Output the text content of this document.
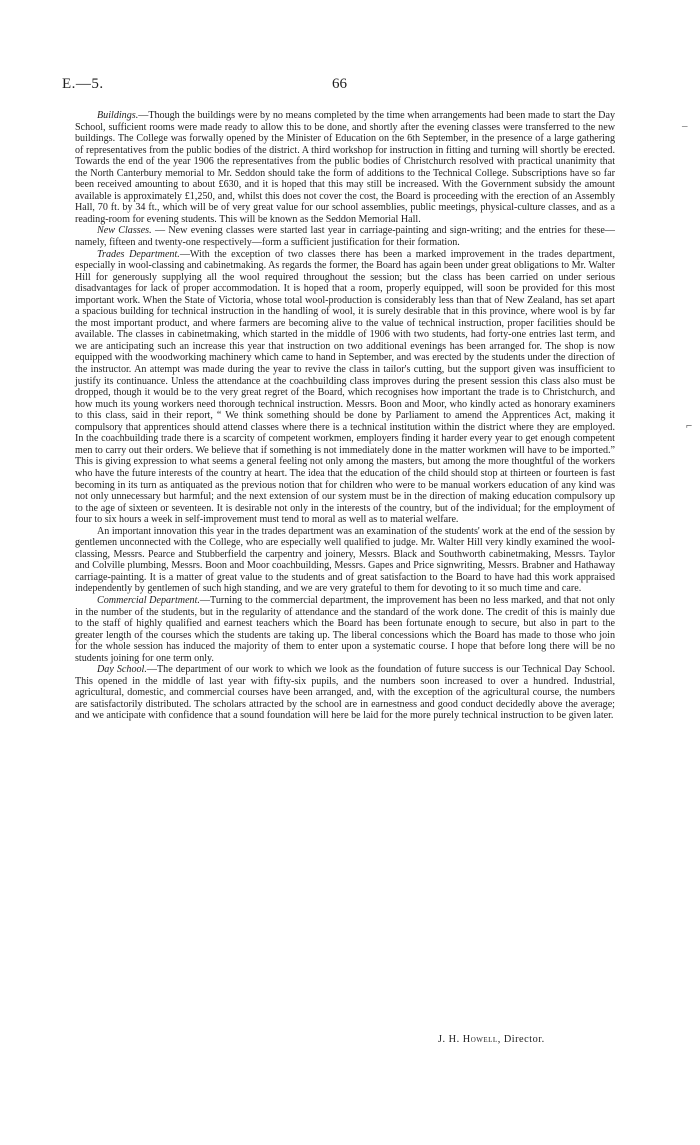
E.—5.	66

Buildings.—Though the buildings were by no means completed by the time when arrangements had been made to start the Day School, sufficient rooms were made ready to allow this to be done, and shortly after the evening classes were transferred to the new buildings. The College was forwally opened by the Minister of Education on the 6th September, in the presence of a large gathering of representatives from the public bodies of the district. A third workshop for instruction in fitting and turning will shortly be erected. Towards the end of the year 1906 the representatives from the public bodies of Christchurch resolved with practical unanimity that the North Canterbury memorial to Mr. Seddon should take the form of additions to the Technical College. Subscriptions have so far been received amounting to about £630, and it is hoped that this may still be increased. With the Government subsidy the amount available is approximately £1,250, and, whilst this does not cover the cost, the Board is proceeding with the erection of an Assembly Hall, 70 ft. by 34 ft., which will be of very great value for our school assemblies, public meetings, physical-culture classes, and as a reading-room for evening students. This will be known as the Seddon Memorial Hall.

New Classes. — New evening classes were started last year in carriage-painting and sign-writing; and the entries for these—namely, fifteen and twenty-one respectively—form a sufficient justification for their formation.

Trades Department.—With the exception of two classes there has been a marked improvement in the trades department, especially in wool-classing and cabinetmaking. As regards the former, the Board has again been under great obligations to Mr. Walter Hill for generously supplying all the wool required throughout the session; but the class has been carried on under serious disadvantages for lack of proper accommodation. It is hoped that a room, properly equipped, will soon be provided for this most important work. When the State of Victoria, whose total wool-production is considerably less than that of New Zealand, has set apart a spacious building for technical instruction in the handling of wool, it is surely desirable that in this province, where wool is by far the most important product, and where farmers are becoming alive to the value of technical instruction, proper facilities should be available. The classes in cabinetmaking, which started in the middle of 1906 with two students, had forty-one entries last term, and we are anticipating such an increase this year that instruction on two additional evenings has been arranged for. The shop is now equipped with the woodworking machinery which came to hand in September, and was erected by the students under the direction of the instructor. An attempt was made during the year to revive the class in tailor's cutting, but the support given was insufficient to justify its continuance. Unless the attendance at the coachbuilding class improves during the present session this class also must be dropped, though it would be to the very great regret of the Board, which recognises how important the trade is to Christchurch, and how much its young workers need thorough technical instruction. Messrs. Boon and Moor, who kindly acted as honorary examiners to this class, said in their report, “ We think something should be done by Parliament to amend the Apprentices Act, making it compulsory that apprentices should attend classes where there is a technical institution within the district where they are employed. In the coachbuilding trade there is a scarcity of competent workmen, employers finding it harder every year to get enough competent men to carry out their orders. We believe that if something is not immediately done in the matter workmen will have to be imported.” This is giving expression to what seems a general feeling not only among the masters, but among the more thoughtful of the workers who have the future interests of the country at heart. The idea that the education of the child should stop at thirteen or fourteen is fast becoming in its turn as antiquated as the previous notion that for children who were to be manual workers education of any kind was not only unnecessary but harmful; and the next extension of our system must be in the direction of making education compulsory up to the age of sixteen or seventeen. It is desirable not only in the interests of the country, but of the individual; for the employment of four to six hours a week in self-improvement must tend to moral as well as to material welfare.

An important innovation this year in the trades department was an examination of the students' work at the end of the session by gentlemen unconnected with the College, who are especially well qualified to judge. Mr. Walter Hill very kindly examined the wool-classing, Messrs. Pearce and Stubberfield the carpentry and joinery, Messrs. Black and Southworth cabinetmaking, Messrs. Taylor and Colville plumbing, Messrs. Boon and Moor coachbuilding, Messrs. Gapes and Price signwriting, Messrs. Brabner and Hathaway carriage-painting. It is a matter of great value to the students and of great satisfaction to the Board to have had this work appraised independently by gentlemen of such high standing, and we are very grateful to them for devoting to it so much time and care.

Commercial Department.—Turning to the commercial department, the improvement has been no less marked, and that not only in the number of the students, but in the regularity of attendance and the standard of the work done. The credit of this is mainly due to the staff of highly qualified and earnest teachers which the Board has been fortunate enough to secure, but also in part to the greater length of the courses which the students are taking up. The liberal concessions which the Board has made to those who join for the whole session has induced the majority of them to enter upon a systematic course. I hope that before long there will be no students joining for one term only.

Day School.—The department of our work to which we look as the foundation of future success is our Technical Day School. This opened in the middle of last year with fifty-six pupils, and the numbers soon increased to over a hundred. Industrial, agricultural, domestic, and commercial courses have been arranged, and, with the exception of the agricultural course, the numbers are satisfactorily distributed. The scholars attracted by the school are in earnestness and good conduct decidedly above the average; and we anticipate with confidence that a sound foundation will here be laid for the more purely technical instruction to be given later.

J. H. Howell, Director.
–
⌐
